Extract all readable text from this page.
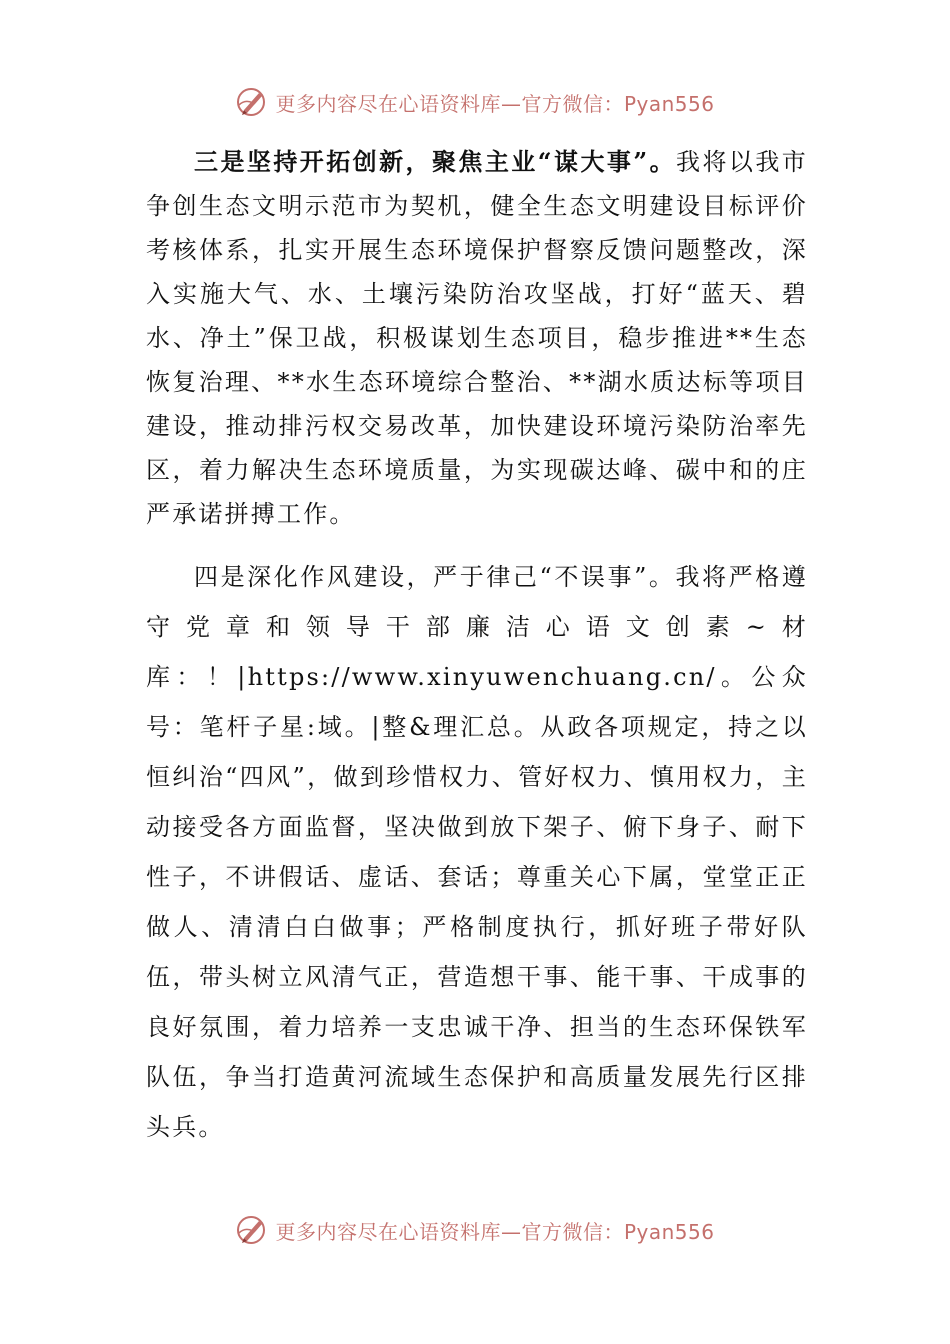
更多内容尽在心语资料库—官方微信：Pyan556

三是坚持开拓创新，聚焦主业“谋大事”。我将以我市争创生态文明示范市为契机，健全生态文明建设目标评价考核体系，扎实开展生态环境保护督察反馈问题整改，深入实施大气、水、土壤污染防治攻坚战，打好“蓝天、碧水、净土”保卫战，积极谋划生态项目，稳步推进**生态恢复治理、**水生态环境综合整治、**湖水质达标等项目建设，推动排污权交易改革，加快建设环境污染防治率先区，着力解决生态环境质量，为实现碳达峰、碳中和的庄严承诺拼搏工作。

四是深化作风建设，严于律己“不误事”。我将严格遵守党章和领导干部廉洁心语文创素~材库：！|https://www.xinyuwenchuang.cn/。公众号：笔杆子星:域。|整&理汇总。从政各项规定，持之以恒纠治“四风”，做到珍惜权力、管好权力、慎用权力，主动接受各方面监督，坚决做到放下架子、俯下身子、耐下性子，不讲假话、虚话、套话；尊重关心下属，堂堂正正做人、清清白白做事；严格制度执行，抓好班子带好队伍，带头树立风清气正，营造想干事、能干事、干成事的良好氛围，着力培养一支忠诚干净、担当的生态环保铁军队伍，争当打造黄河流域生态保护和高质量发展先行区排头兵。

更多内容尽在心语资料库—官方微信：Pyan556
